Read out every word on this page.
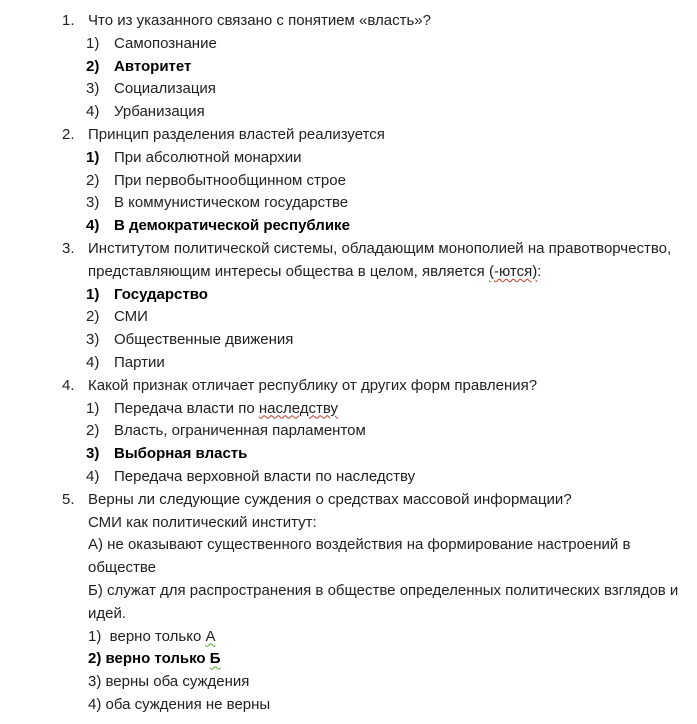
1. Что из указанного связано с понятием «власть»?
1) Самопознание
2) Авторитет
3) Социализация
4) Урбанизация
2. Принцип разделения властей реализуется
1) При абсолютной монархии
2) При первобытнообщинном строе
3) В коммунистическом государстве
4) В демократической республике
3. Институтом политической системы, обладающим монополией на правотворчество,
представляющим интересы общества в целом, является (-ются):
1) Государство
2) СМИ
3) Общественные движения
4) Партии
4. Какой признак отличает республику от других форм правления?
1) Передача власти по наследству
2) Власть, ограниченная парламентом
3) Выборная власть
4) Передача верховной власти по наследству
5. Верны ли следующие суждения о средствах массовой информации?
СМИ как политический институт:
А) не оказывают существенного воздействия на формирование настроений в
обществе
Б) служат для распространения в обществе определенных политических взглядов и
идей.
1)  верно только А
2) верно только Б
3) верны оба суждения
4) оба суждения не верны
